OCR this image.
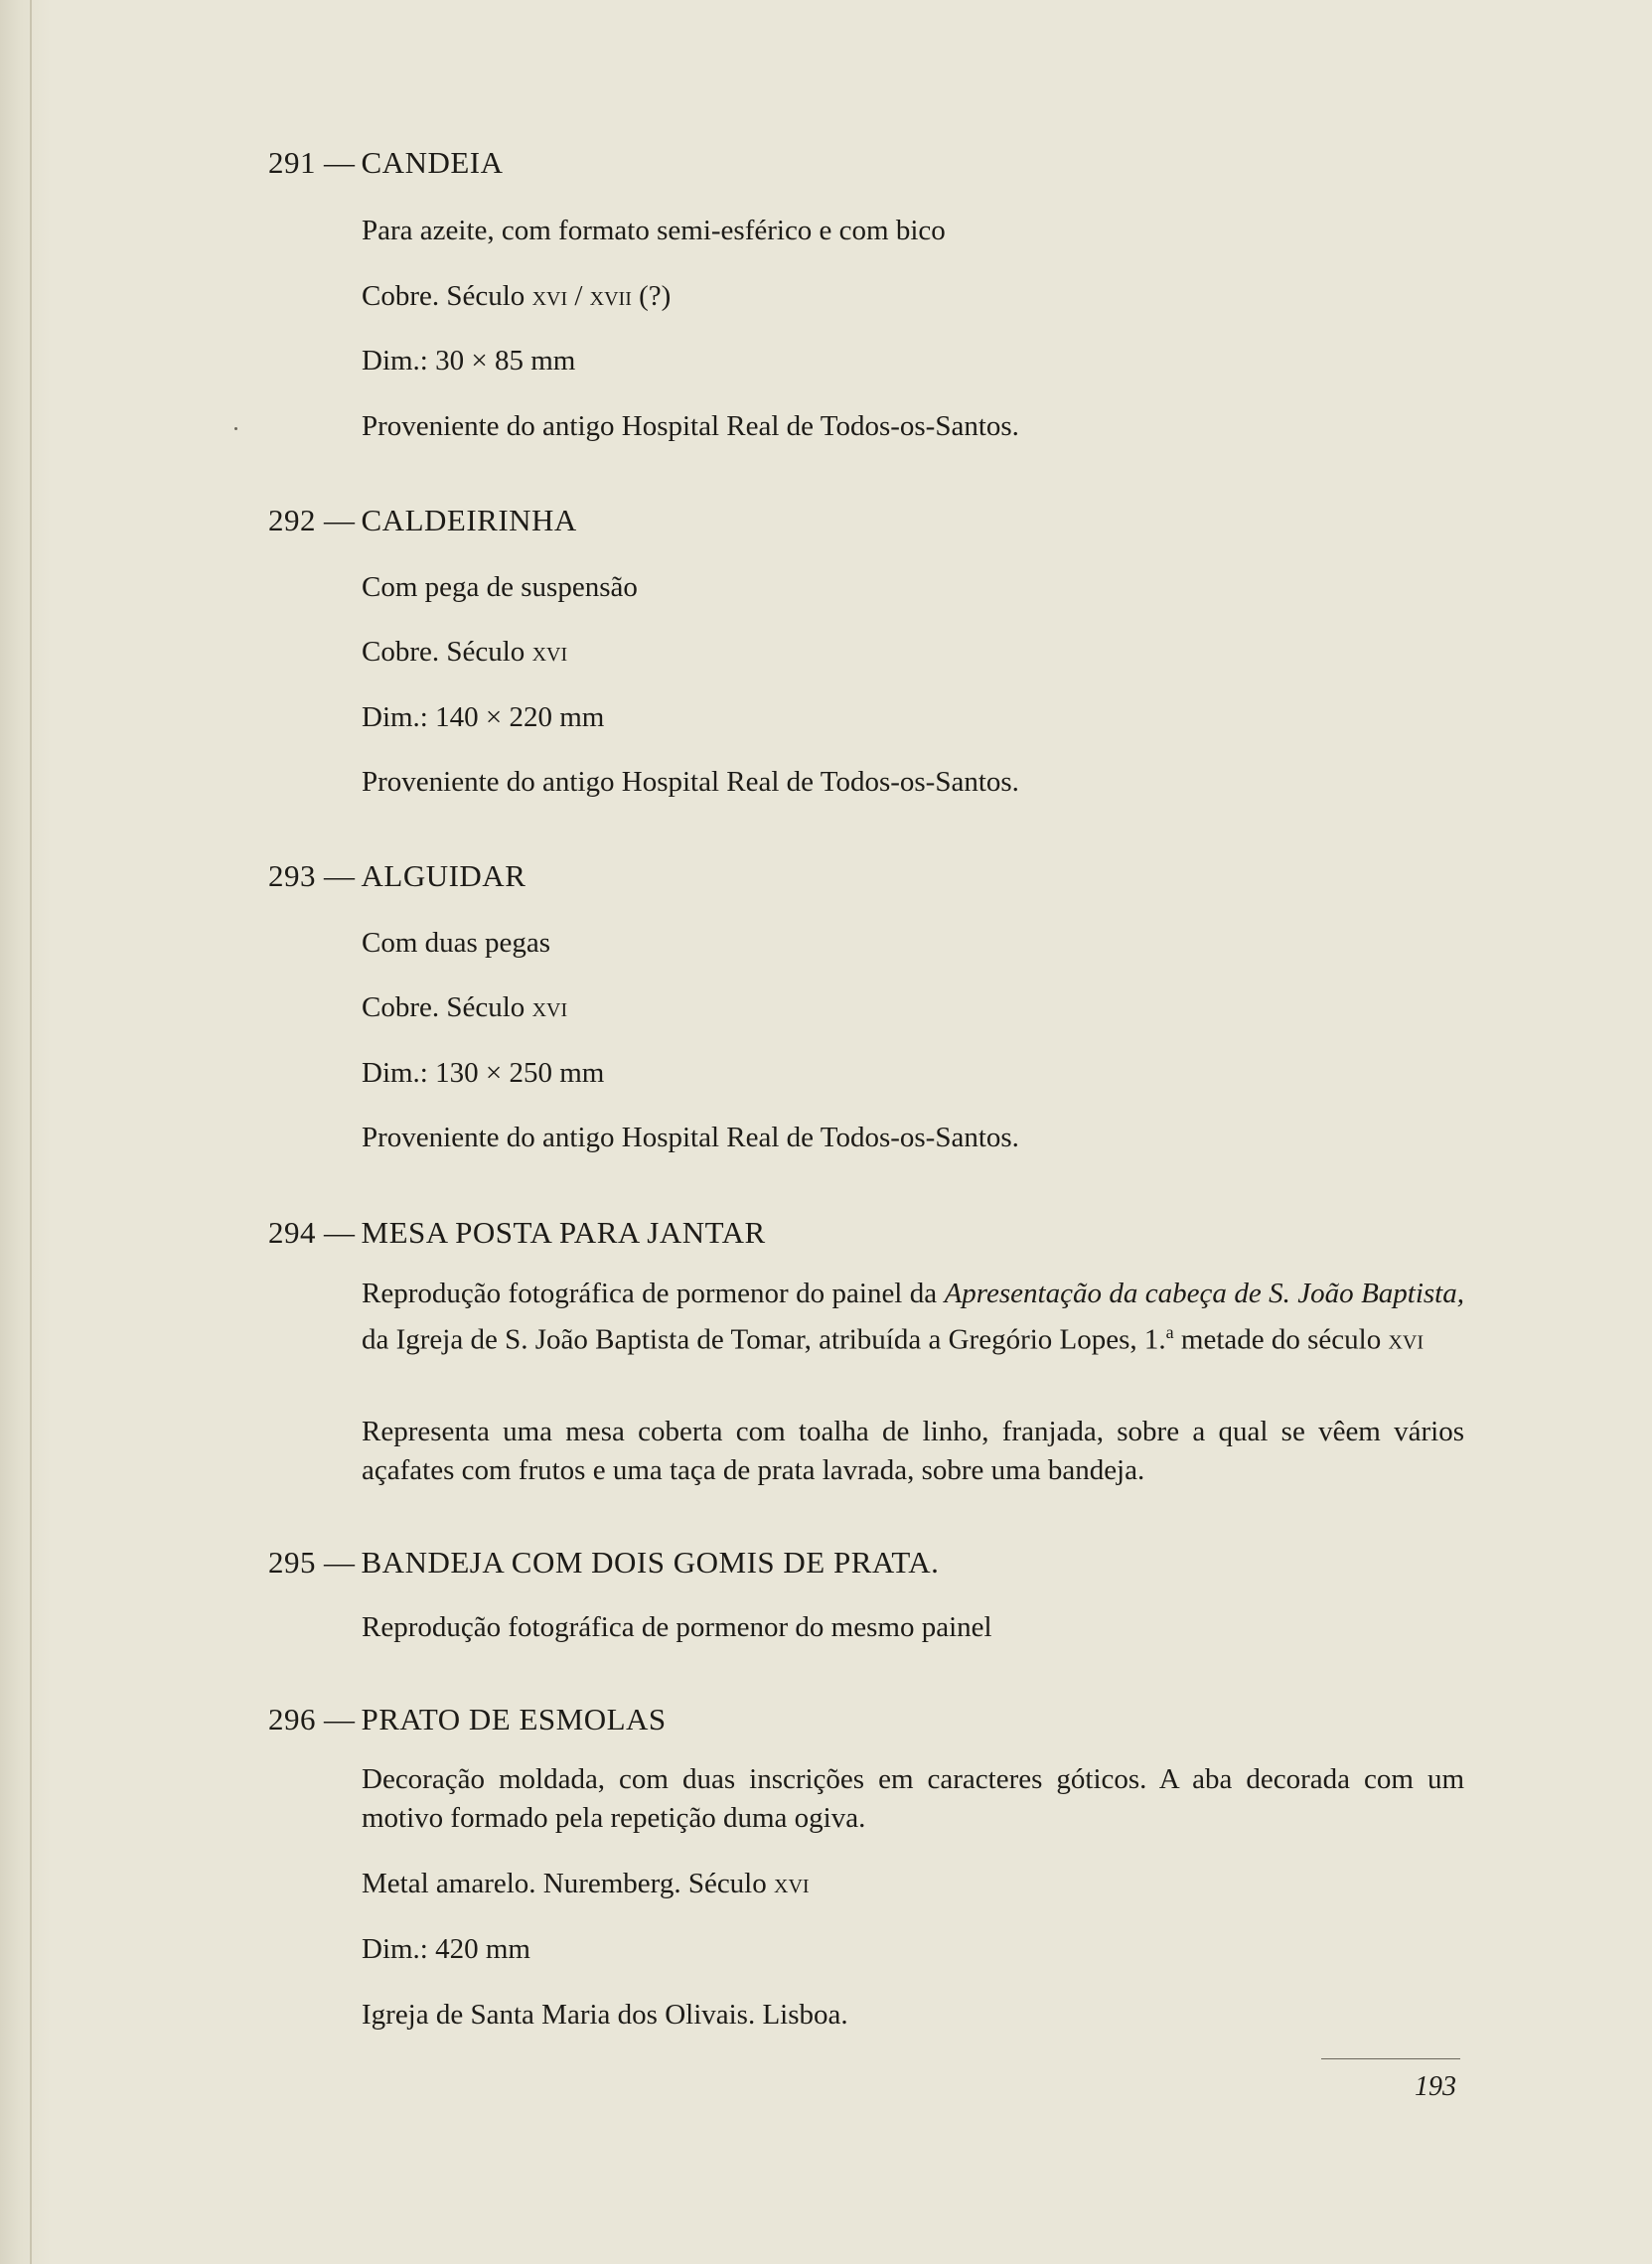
291 — CANDEIA
Para azeite, com formato semi-esférico e com bico
Cobre. Século xvi / xvii (?)
Dim.: 30 × 85 mm
Proveniente do antigo Hospital Real de Todos-os-Santos.
292 — CALDEIRINHA
Com pega de suspensão
Cobre. Século xvi
Dim.: 140 × 220 mm
Proveniente do antigo Hospital Real de Todos-os-Santos.
293 — ALGUIDAR
Com duas pegas
Cobre. Século xvi
Dim.: 130 × 250 mm
Proveniente do antigo Hospital Real de Todos-os-Santos.
294 — MESA POSTA PARA JANTAR
Reprodução fotográfica de pormenor do painel da Apresentação da cabeça de S. João Baptista, da Igreja de S. João Baptista de Tomar, atribuída a Gregório Lopes, 1.$^a$ metade do século xvi
Representa uma mesa coberta com toalha de linho, franjada, sobre a qual se vêem vários açafates com frutos e uma taça de prata lavrada, sobre uma bandeja.
295 — BANDEJA COM DOIS GOMIS DE PRATA.
Reprodução fotográfica de pormenor do mesmo painel
296 — PRATO DE ESMOLAS
Decoração moldada, com duas inscrições em caracteres góticos. A aba decorada com um motivo formado pela repetição duma ogiva.
Metal amarelo. Nuremberg. Século xvi
Dim.: 420 mm
Igreja de Santa Maria dos Olivais. Lisboa.
193
